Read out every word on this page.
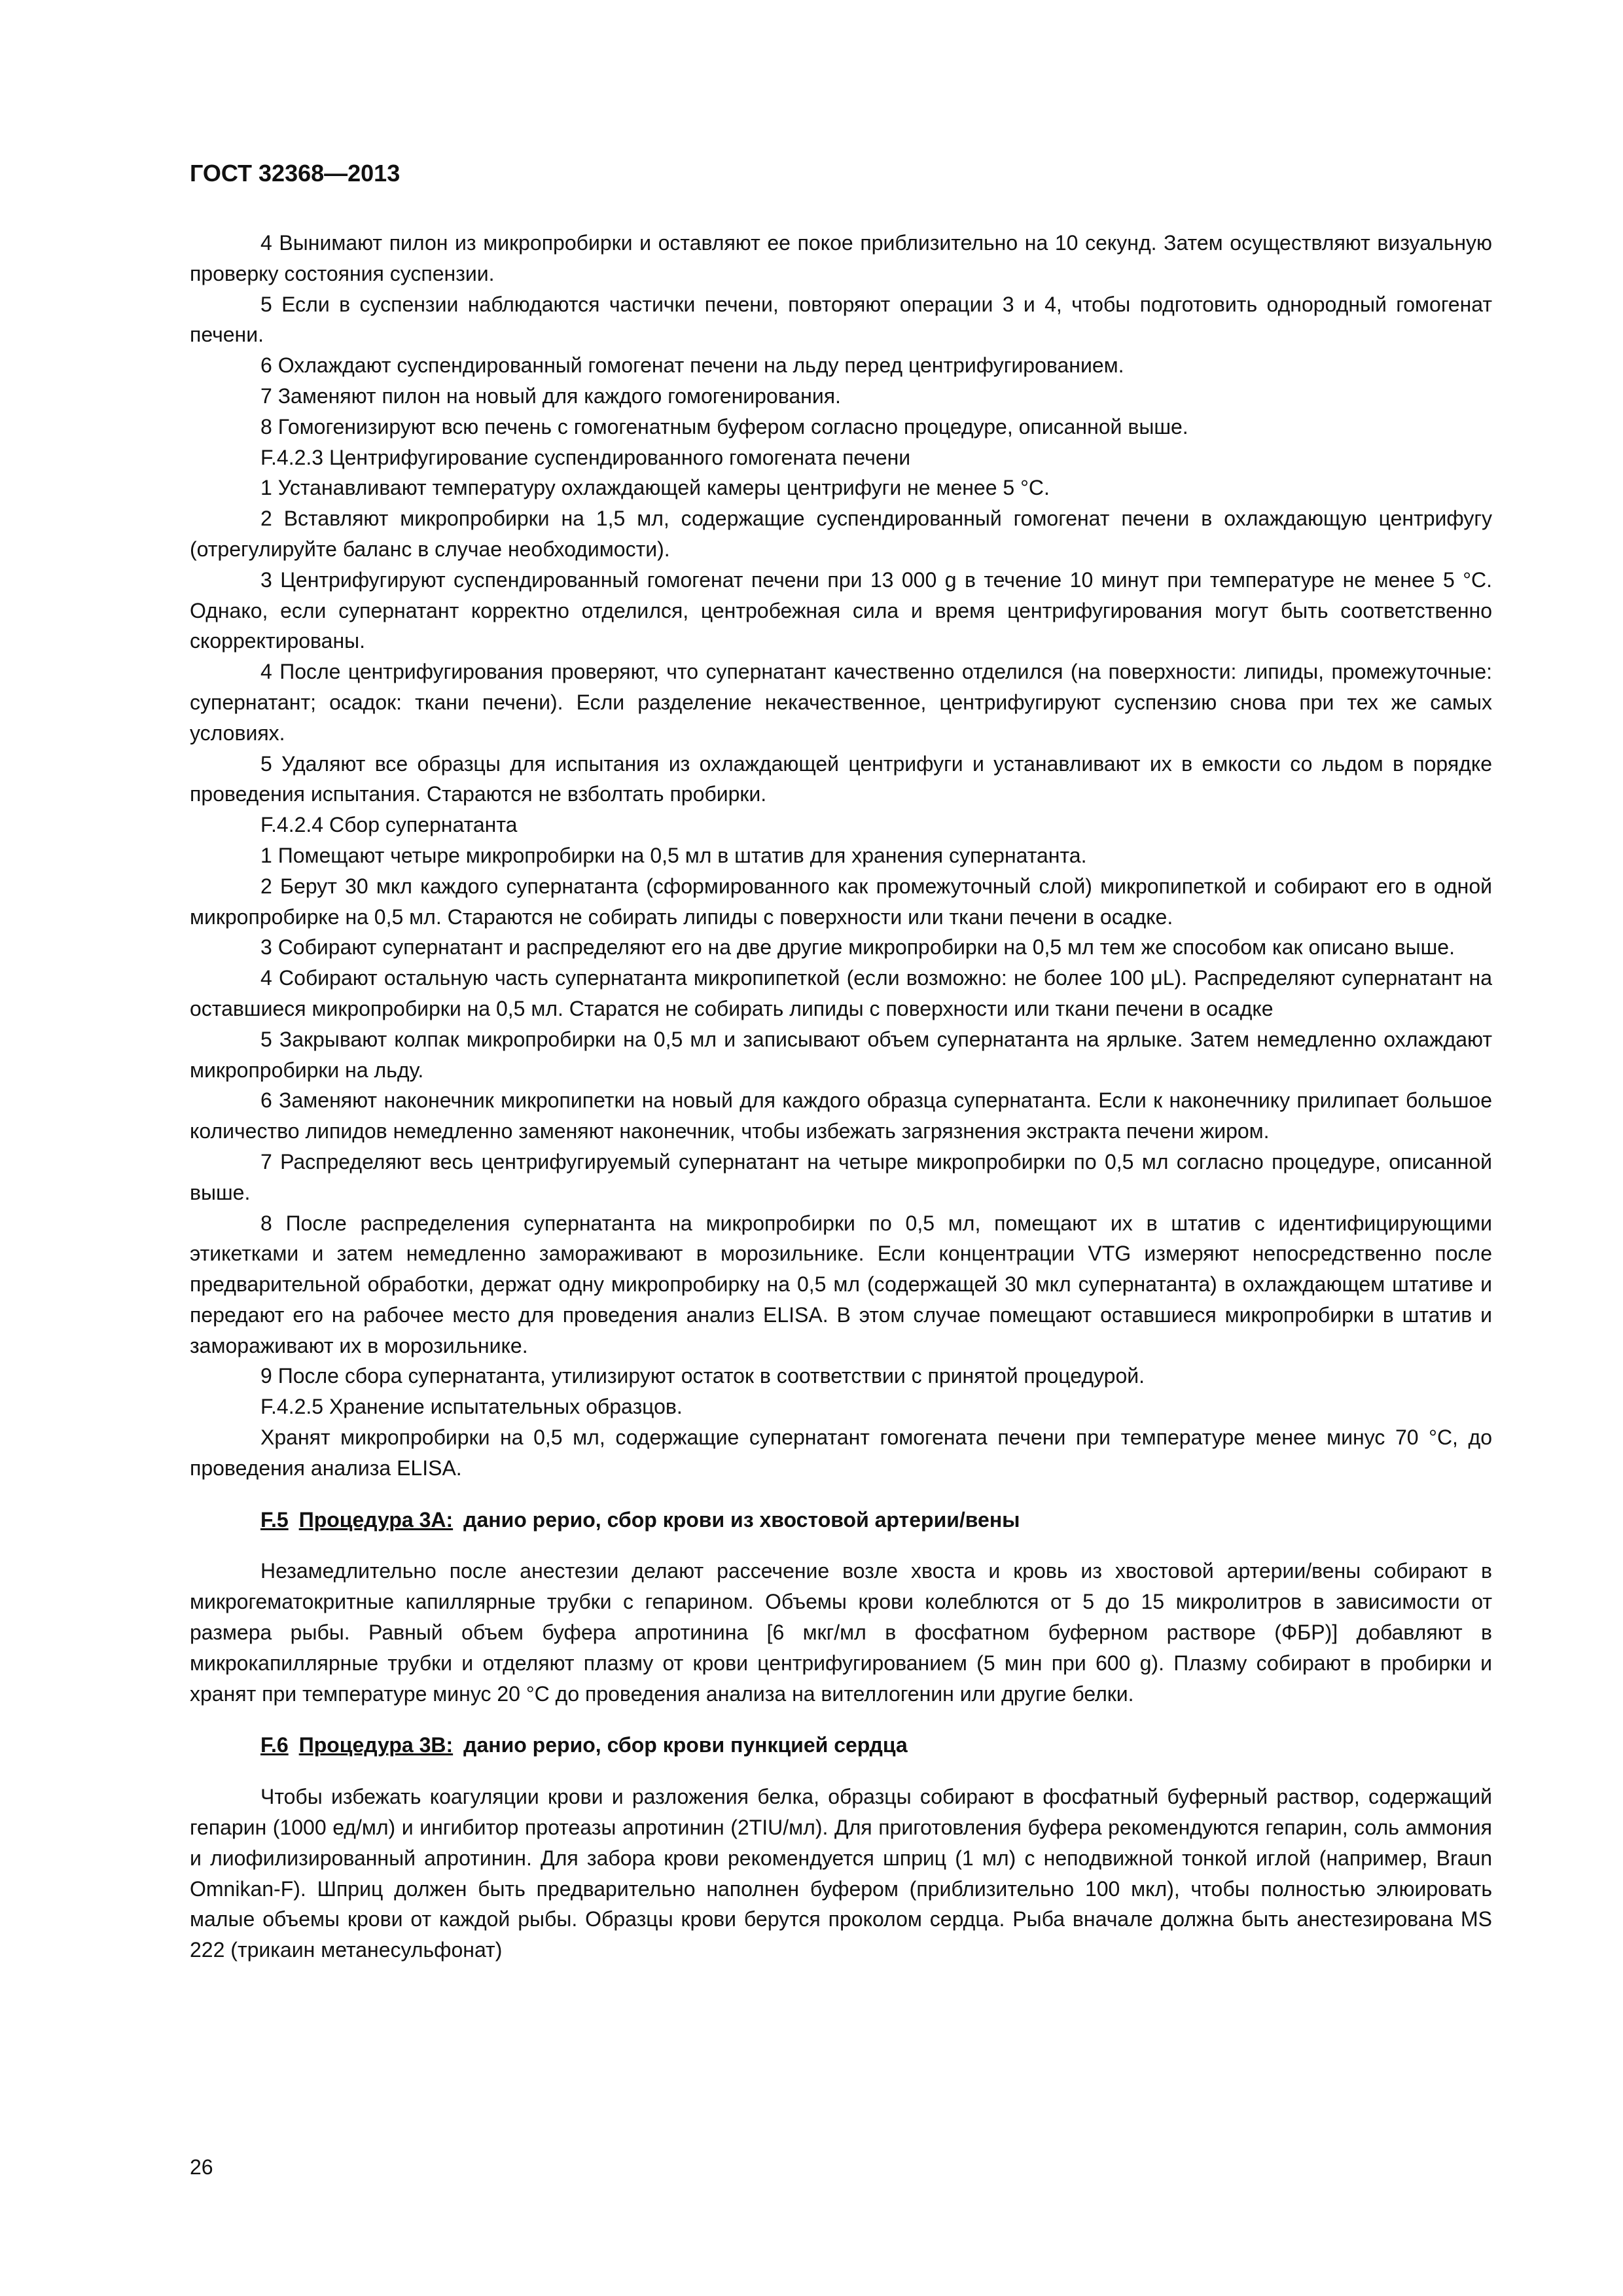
ГОСТ 32368—2013

4 Вынимают пилон из микропробирки и оставляют ее покое приблизительно на 10 секунд. Затем осуществляют визуальную проверку состояния суспензии.

5 Если в суспензии наблюдаются частички печени, повторяют операции 3 и 4, чтобы подготовить однородный гомогенат печени.

6 Охлаждают суспендированный гомогенат печени на льду перед центрифугированием.

7 Заменяют пилон на новый для каждого гомогенирования.

8 Гомогенизируют всю печень с гомогенатным буфером согласно процедуре, описанной выше.

F.4.2.3 Центрифугирование суспендированного гомогената печени

1 Устанавливают температуру охлаждающей камеры центрифуги не менее 5 °С.

2 Вставляют микропробирки на 1,5 мл, содержащие суспендированный гомогенат печени в охлаждающую центрифугу (отрегулируйте баланс в случае необходимости).

3 Центрифугируют суспендированный гомогенат печени при 13 000 g в течение 10 минут при температуре не менее 5 °С. Однако, если супернатант корректно отделился, центробежная сила и время центрифугирования могут быть соответственно скорректированы.

4 После центрифугирования проверяют, что супернатант качественно отделился (на поверхности: липиды, промежуточные: супернатант; осадок: ткани печени). Если разделение некачественное, центрифугируют суспензию снова при тех же самых условиях.

5 Удаляют все образцы для испытания из охлаждающей центрифуги и устанавливают их в емкости со льдом в порядке проведения испытания. Стараются не взболтать пробирки.

F.4.2.4 Сбор супернатанта

1 Помещают четыре микропробирки на 0,5 мл в штатив для хранения супернатанта.

2 Берут 30 мкл каждого супернатанта (сформированного как промежуточный слой) микропипеткой и собирают его в одной микропробирке на 0,5 мл. Стараются не собирать липиды с поверхности или ткани печени в осадке.

3 Собирают супернатант и распределяют его на две другие микропробирки на 0,5 мл тем же способом как описано выше.

4 Собирают остальную часть супернатанта микропипеткой (если возможно: не более 100 μL). Распределяют супернатант на оставшиеся микропробирки на 0,5 мл. Старатся не собирать липиды с поверхности или ткани печени в осадке

5 Закрывают колпак микропробирки на 0,5 мл и записывают объем супернатанта на ярлыке. Затем немедленно охлаждают микропробирки на льду.

6 Заменяют наконечник микропипетки на новый для каждого образца супернатанта. Если к наконечнику прилипает большое количество липидов немедленно заменяют наконечник, чтобы избежать загрязнения экстракта печени жиром.

7 Распределяют весь центрифугируемый супернатант на четыре микропробирки по 0,5 мл согласно процедуре, описанной выше.

8 После распределения супернатанта на микропробирки по 0,5 мл, помещают их в штатив с идентифицирующими этикетками и затем немедленно замораживают в морозильнике. Если концентрации VTG измеряют непосредственно после предварительной обработки, держат одну микропробирку на 0,5 мл (содержащей 30 мкл супернатанта) в охлаждающем штативе и передают его на рабочее место для проведения анализ ELISA. В этом случае помещают оставшиеся микропробирки в штатив и замораживают их в морозильнике.

9 После сбора супернатанта, утилизируют остаток в соответствии с принятой процедурой.

F.4.2.5 Хранение испытательных образцов.

Хранят микропробирки на 0,5 мл, содержащие супернатант гомогената печени при температуре менее минус 70 °С, до проведения анализа ELISA.

F.5 Процедура 3А: данио рерио, сбор крови из хвостовой артерии/вены

Незамедлительно после анестезии делают рассечение возле хвоста и кровь из хвостовой артерии/вены собирают в микрогематокритные капиллярные трубки с гепарином. Объемы крови колеблются от 5 до 15 микролитров в зависимости от размера рыбы. Равный объем буфера апротинина [6 мкг/мл в фосфатном буферном растворе (ФБР)] добавляют в микрокапиллярные трубки и отделяют плазму от крови центрифугированием (5 мин при 600 g). Плазму собирают в пробирки и хранят при температуре минус 20 °С до проведения анализа на вителлогенин или другие белки.

F.6 Процедура 3В: данио рерио, сбор крови пункцией сердца

Чтобы избежать коагуляции крови и разложения белка, образцы собирают в фосфатный буферный раствор, содержащий гепарин (1000 ед/мл) и ингибитор протеазы апротинин (2TIU/мл). Для приготовления буфера рекомендуются гепарин, соль аммония и лиофилизированный апротинин. Для забора крови рекомендуется шприц (1 мл) с неподвижной тонкой иглой (например, Braun Omnikan-F). Шприц должен быть предварительно наполнен буфером (приблизительно 100 мкл), чтобы полностью элюировать малые объемы крови от каждой рыбы. Образцы крови берутся проколом сердца. Рыба вначале должна быть анестезирована MS 222 (трикаин метанесульфонат)

26
